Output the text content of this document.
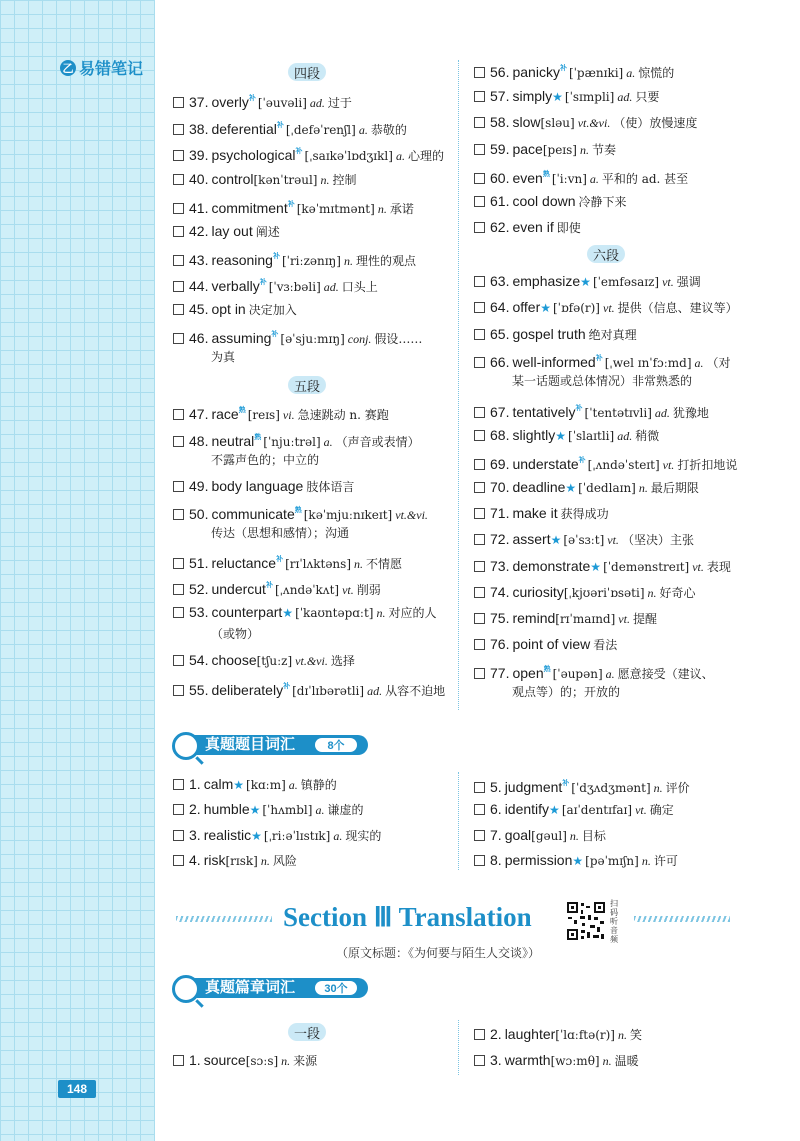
乙 易错笔记
148
四段
五段
六段
37. overly$^补$ [ˈəuvəli] ad. 过于
38. deferential$^补$ [ˌdefəˈrenʃl] a. 恭敬的
39. psychological$^补$ [ˌsaɪkəˈlɒdʒɪkl] a. 心理的
40. control[kənˈtrəul] n. 控制
41. commitment$^补$ [kəˈmɪtmənt] n. 承诺
42. lay out 阐述
43. reasoning$^补$ [ˈriːzənɪŋ] n. 理性的观点
44. verbally$^补$ [ˈvɜːbəli] ad. 口头上
45. opt in 决定加入
46. assuming$^补$ [əˈsjuːmɪŋ] conj. 假设……
为真
47. race$^熟$ [reɪs] vi. 急速跳动 n. 赛跑
48. neutral$^熟$ [ˈnjuːtrəl] a. （声音或表情）
不露声色的；中立的
49. body language 肢体语言
50. communicate$^熟$ [kəˈmjuːnɪkeɪt] vt.&vi.
传达（思想和感情）；沟通
51. reluctance$^补$ [rɪˈlʌktəns] n. 不情愿
52. undercut$^补$ [ˌʌndəˈkʌt] vt. 削弱
53. counterpart★ [ˈkaʊntəpɑːt] n. 对应的人
（或物）
54. choose[tʃuːz] vt.&vi. 选择
55. deliberately$^补$ [dɪˈlɪbərətli] ad. 从容不迫地
56. panicky$^补$ [ˈpænɪki] a. 惊慌的
57. simply★ [ˈsɪmpli] ad. 只要
58. slow[sləu] vt.&vi. （使）放慢速度
59. pace[peɪs] n. 节奏
60. even$^熟$ [ˈiːvn] a. 平和的 ad. 甚至
61. cool down 冷静下来
62. even if 即使
63. emphasize★ [ˈemfəsaɪz] vt. 强调
64. offer★ [ˈɒfə(r)] vt. 提供（信息、建议等）
65. gospel truth 绝对真理
66. well-informed$^补$ [ˌwel ɪnˈfɔːmd] a. （对
某一话题或总体情况）非常熟悉的
67. tentatively$^补$ [ˈtentətɪvli] ad. 犹豫地
68. slightly★ [ˈslaɪtli] ad. 稍微
69. understate$^补$ [ˌʌndəˈsteɪt] vt. 打折扣地说
70. deadline★ [ˈdedlaɪn] n. 最后期限
71. make it 获得成功
72. assert★ [əˈsɜːt] vt. （坚决）主张
73. demonstrate★ [ˈdemənstreɪt] vt. 表现
74. curiosity[ˌkjʊəriˈɒsəti] n. 好奇心
75. remind[rɪˈmaɪnd] vt. 提醒
76. point of view 看法
77. open$^熟$ [ˈəupən] a. 愿意接受（建议、
观点等）的；开放的
真题题目词汇	8个
1. calm★ [kɑːm] a. 镇静的
2. humble★ [ˈhʌmbl] a. 谦虚的
3. realistic★ [ˌriːəˈlɪstɪk] a. 现实的
4. risk[rɪsk] n. 风险
5. judgment$^补$ [ˈdʒʌdʒmənt] n. 评价
6. identify★ [aɪˈdentɪfaɪ] vt. 确定
7. goal[gəul] n. 目标
8. permission★ [pəˈmɪʃn] n. 许可
Section Ⅲ Translation	扫码听音频
（原文标题：《为何要与陌生人交谈》）
真题篇章词汇	30个
一段
1. source[sɔːs] n. 来源
2. laughter[ˈlɑːftə(r)] n. 笑
3. warmth[wɔːmθ] n. 温暖
